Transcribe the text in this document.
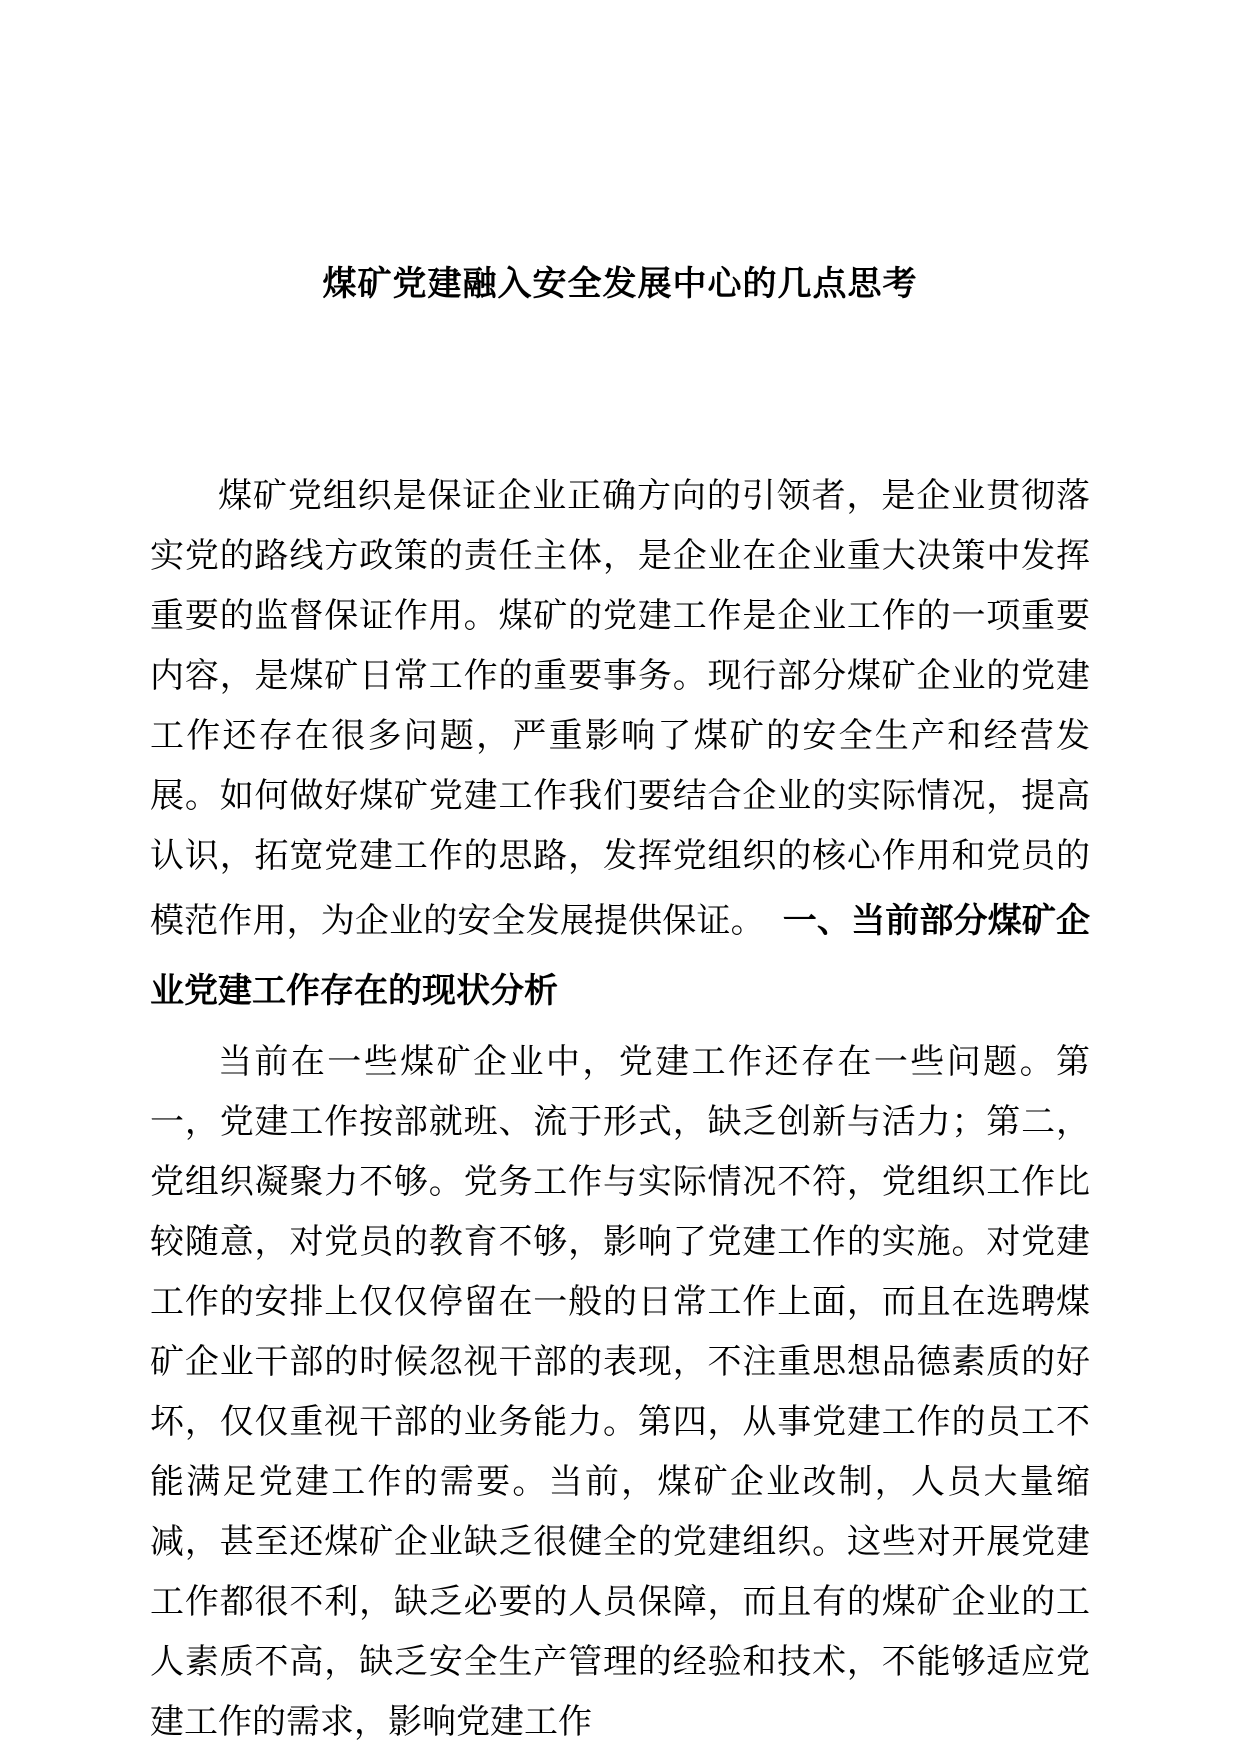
煤矿党建融入安全发展中心的几点思考

煤矿党组织是保证企业正确方向的引领者，是企业贯彻落实党的路线方政策的责任主体，是企业在企业重大决策中发挥重要的监督保证作用。煤矿的党建工作是企业工作的一项重要内容，是煤矿日常工作的重要事务。现行部分煤矿企业的党建工作还存在很多问题，严重影响了煤矿的安全生产和经营发展。如何做好煤矿党建工作我们要结合企业的实际情况，提高认识，拓宽党建工作的思路，发挥党组织的核心作用和党员的模范作用，为企业的安全发展提供保证。 一、当前部分煤矿企业党建工作存在的现状分析

当前在一些煤矿企业中，党建工作还存在一些问题。第一，党建工作按部就班、流于形式，缺乏创新与活力；第二，党组织凝聚力不够。党务工作与实际情况不符，党组织工作比较随意，对党员的教育不够，影响了党建工作的实施。对党建工作的安排上仅仅停留在一般的日常工作上面，而且在选聘煤矿企业干部的时候忽视干部的表现，不注重思想品德素质的好坏，仅仅重视干部的业务能力。第四，从事党建工作的员工不能满足党建工作的需要。当前，煤矿企业改制，人员大量缩减，甚至还煤矿企业缺乏很健全的党建组织。这些对开展党建工作都很不利，缺乏必要的人员保障，而且有的煤矿企业的工人素质不高，缺乏安全生产管理的经验和技术，不能够适应党建工作的需求，影响党建工作
